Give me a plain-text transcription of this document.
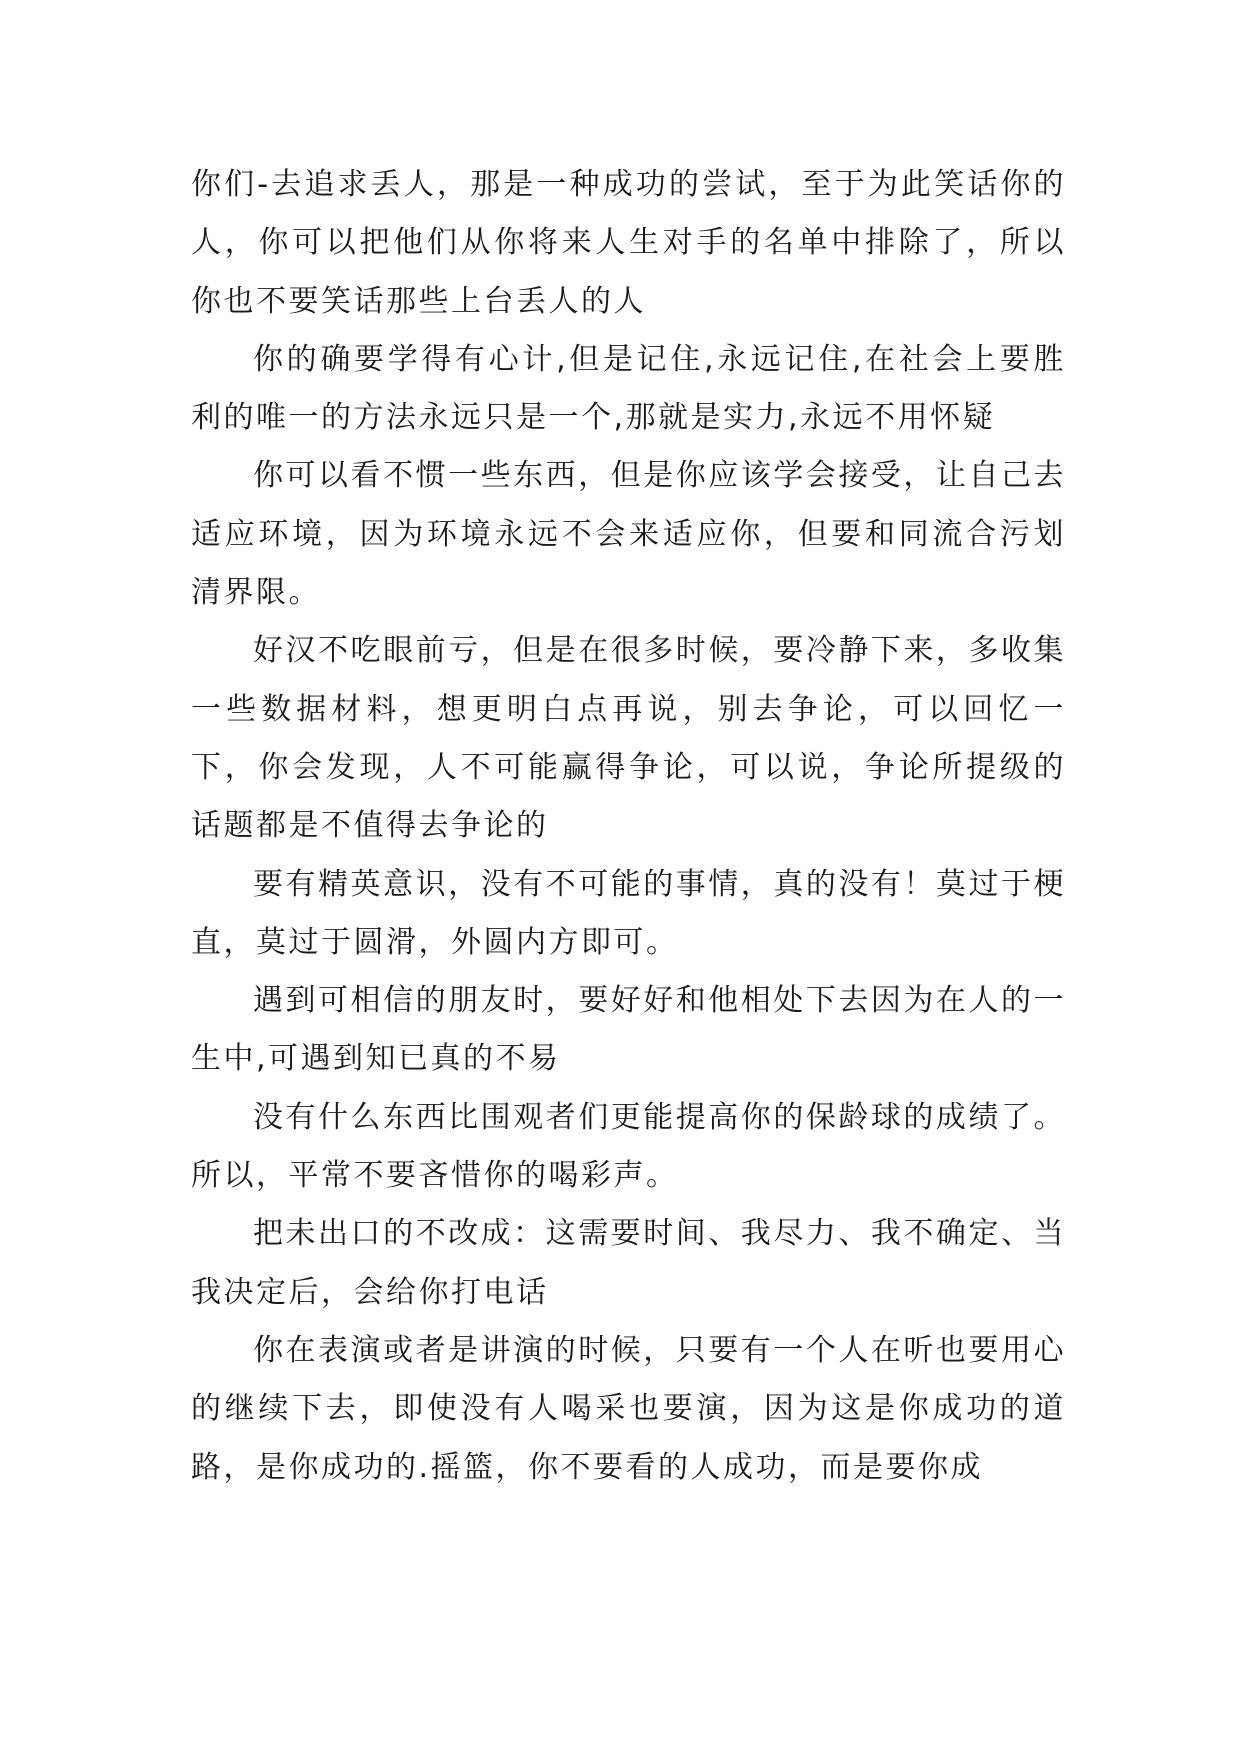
你们-去追求丢人，那是一种成功的尝试，至于为此笑话你的人，你可以把他们从你将来人生对手的名单中排除了，所以你也不要笑话那些上台丢人的人

你的确要学得有心计,但是记住,永远记住,在社会上要胜利的唯一的方法永远只是一个,那就是实力,永远不用怀疑

你可以看不惯一些东西，但是你应该学会接受，让自己去适应环境，因为环境永远不会来适应你，但要和同流合污划清界限。

好汉不吃眼前亏，但是在很多时候，要冷静下来，多收集一些数据材料，想更明白点再说，别去争论，可以回忆一下，你会发现，人不可能赢得争论，可以说，争论所提级的话题都是不值得去争论的

要有精英意识，没有不可能的事情，真的没有！莫过于梗直，莫过于圆滑，外圆内方即可。

遇到可相信的朋友时，要好好和他相处下去因为在人的一生中,可遇到知已真的不易

没有什么东西比围观者们更能提高你的保龄球的成绩了。所以，平常不要吝惜你的喝彩声。

把未出口的不改成：这需要时间、我尽力、我不确定、当我决定后，会给你打电话

你在表演或者是讲演的时候，只要有一个人在听也要用心的继续下去，即使没有人喝采也要演，因为这是你成功的道路，是你成功的.摇篮，你不要看的人成功，而是要你成
